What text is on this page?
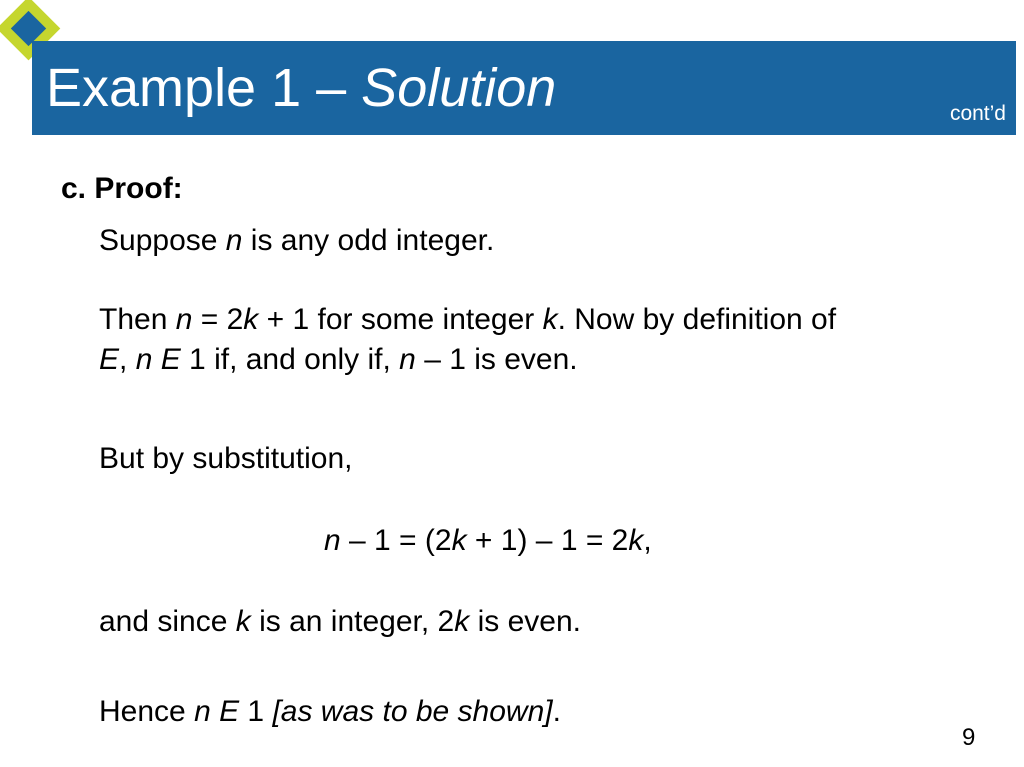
Example 1 – Solution	cont’d
c. Proof:
Suppose n is any odd integer.
Then n = 2k + 1 for some integer k. Now by definition of
E, n E 1 if, and only if, n – 1 is even.
But by substitution,
n – 1 = (2k + 1) – 1 = 2k,
and since k is an integer, 2k is even.
Hence n E 1 [as was to be shown].
9
